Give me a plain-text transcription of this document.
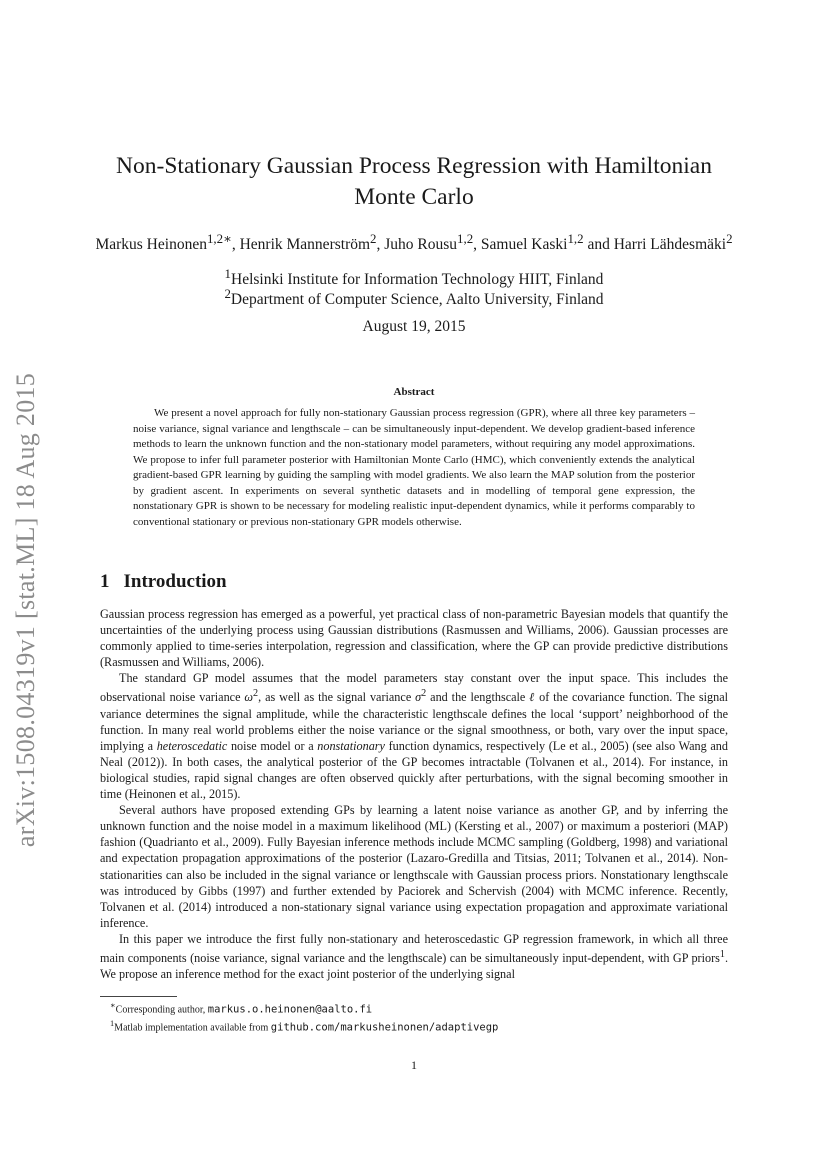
arXiv:1508.04319v1 [stat.ML] 18 Aug 2015
Non-Stationary Gaussian Process Regression with Hamiltonian
Monte Carlo
Markus Heinonen$^{1,2∗}$, Henrik Mannerström$^2$, Juho Rousu$^{1,2}$, Samuel Kaski$^{1,2}$ and Harri Lähdesmäki$^2$
$^1$Helsinki Institute for Information Technology HIIT, Finland
$^2$Department of Computer Science, Aalto University, Finland
August 19, 2015
Abstract

We present a novel approach for fully non-stationary Gaussian process regression (GPR), where all three key parameters – noise variance, signal variance and lengthscale – can be simultaneously input-dependent. We develop gradient-based inference methods to learn the unknown function and the non-stationary model parameters, without requiring any model approximations. We propose to infer full parameter posterior with Hamiltonian Monte Carlo (HMC), which conveniently extends the analytical gradient-based GPR learning by guiding the sampling with model gradients. We also learn the MAP solution from the posterior by gradient ascent. In experiments on several synthetic datasets and in modelling of temporal gene expression, the nonstationary GPR is shown to be necessary for modeling realistic input-dependent dynamics, while it performs comparably to conventional stationary or previous non-stationary GPR models otherwise.

1 Introduction

Gaussian process regression has emerged as a powerful, yet practical class of non-parametric Bayesian models that quantify the uncertainties of the underlying process using Gaussian distributions (Rasmussen and Williams, 2006). Gaussian processes are commonly applied to time-series interpolation, regression and classification, where the GP can provide predictive distributions (Rasmussen and Williams, 2006).

The standard GP model assumes that the model parameters stay constant over the input space. This includes the observational noise variance $\omega^2$, as well as the signal variance $\sigma^2$ and the lengthscale ℓ of the covariance function. The signal variance determines the signal amplitude, while the characteristic lengthscale defines the local ‘support’ neighborhood of the function. In many real world problems either the noise variance or the signal smoothness, or both, vary over the input space, implying a heteroscedatic noise model or a nonstationary function dynamics, respectively (Le et al., 2005) (see also Wang and Neal (2012)). In both cases, the analytical posterior of the GP becomes intractable (Tolvanen et al., 2014). For instance, in biological studies, rapid signal changes are often observed quickly after perturbations, with the signal becoming smoother in time (Heinonen et al., 2015).

Several authors have proposed extending GPs by learning a latent noise variance as another GP, and by inferring the unknown function and the noise model in a maximum likelihood (ML) (Kersting et al., 2007) or maximum a posteriori (MAP) fashion (Quadrianto et al., 2009). Fully Bayesian inference methods include MCMC sampling (Goldberg, 1998) and variational and expectation propagation approximations of the posterior (Lazaro-Gredilla and Titsias, 2011; Tolvanen et al., 2014). Non-stationarities can also be included in the signal variance or lengthscale with Gaussian process priors. Nonstationary lengthscale was introduced by Gibbs (1997) and further extended by Paciorek and Schervish (2004) with MCMC inference. Recently, Tolvanen et al. (2014) introduced a non-stationary signal variance using expectation propagation and approximate variational inference.

In this paper we introduce the first fully non-stationary and heteroscedastic GP regression framework, in which all three main components (noise variance, signal variance and the lengthscale) can be simultaneously input-dependent, with GP priors$^1$. We propose an inference method for the exact joint posterior of the underlying signal

∗Corresponding author, markus.o.heinonen@aalto.fi
$^1$Matlab implementation available from github.com/markusheinonen/adaptivegp
1
